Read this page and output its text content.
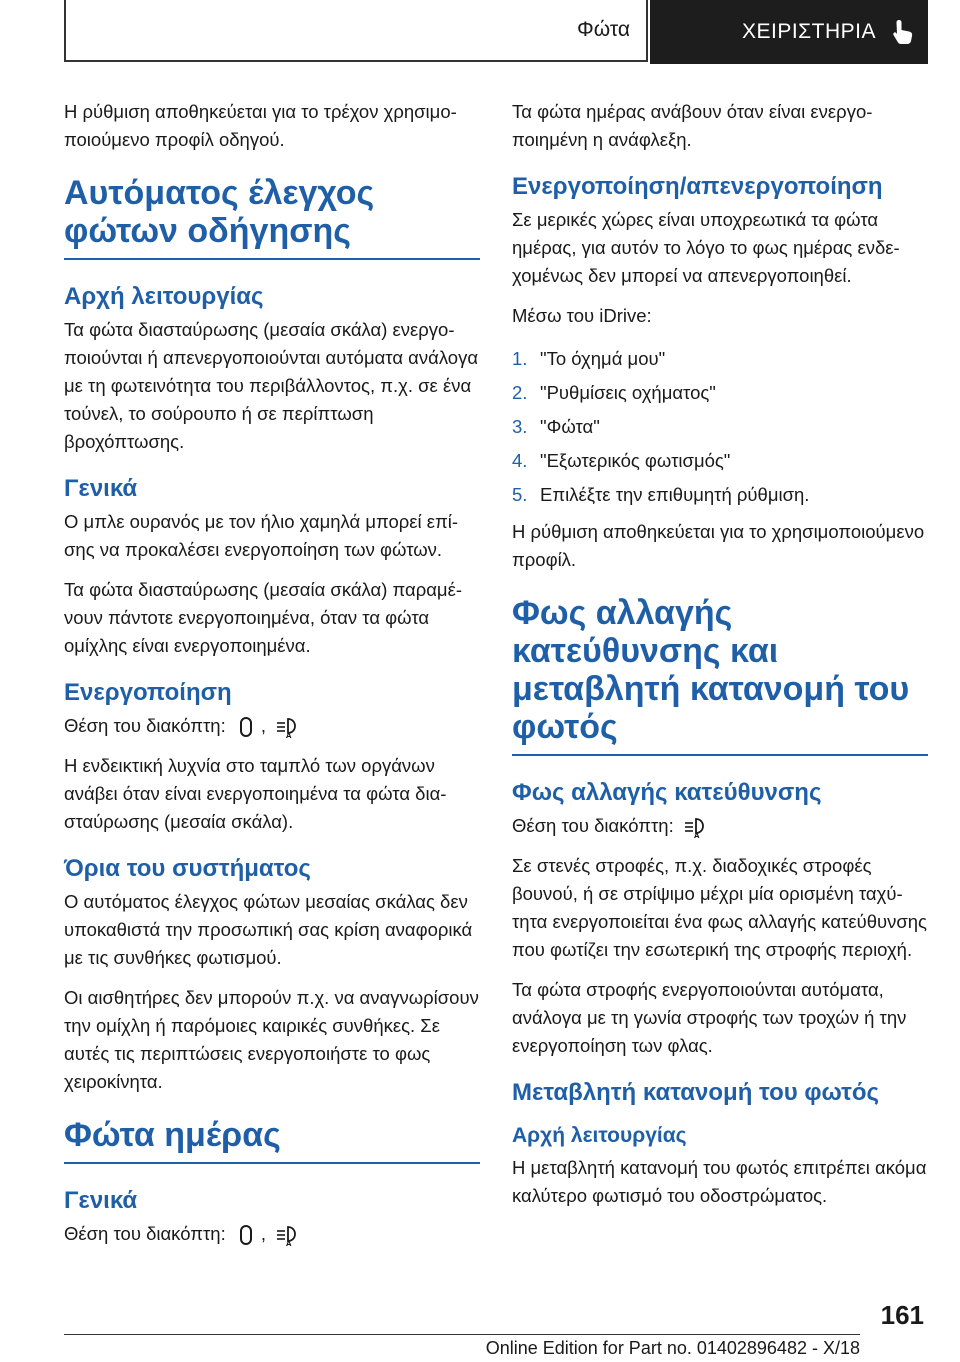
Φώτα	ΧΕΙΡΙΣΤΗΡΙΑ

Η ρύθμιση αποθηκεύεται για το τρέχον χρησιμοποιούμενο προφίλ οδηγού.

Αυτόματος έλεγχος φώτων οδήγησης
Αρχή λειτουργίας

Τα φώτα διασταύρωσης (μεσαία σκάλα) ενεργοποιούνται ή απενεργοποιούνται αυτόματα ανάλογα με τη φωτεινότητα του περιβάλλοντος, π.χ. σε ένα τούνελ, το σούρουπο ή σε περίπτωση βροχόπτωσης.

Γενικά

Ο μπλε ουρανός με τον ήλιο χαμηλά μπορεί επίσης να προκαλέσει ενεργοποίηση των φώτων.

Τα φώτα διασταύρωσης (μεσαία σκάλα) παραμένουν πάντοτε ενεργοποιημένα, όταν τα φώτα ομίχλης είναι ενεργοποιημένα.

Ενεργοποίηση

Θέση του διακόπτη: ,
A

Η ενδεικτική λυχνία στο ταμπλό των οργάνων ανάβει όταν είναι ενεργοποιημένα τα φώτα διασταύρωσης (μεσαία σκάλα).

Όρια του συστήματος

Ο αυτόματος έλεγχος φώτων μεσαίας σκάλας δεν υποκαθιστά την προσωπική σας κρίση αναφορικά με τις συνθήκες φωτισμού.

Οι αισθητήρες δεν μπορούν π.χ. να αναγνωρίσουν την ομίχλη ή παρόμοιες καιρικές συνθήκες. Σε αυτές τις περιπτώσεις ενεργοποιήστε το φως χειροκίνητα.

Φώτα ημέρας
Γενικά

Θέση του διακόπτη: ,
A

Τα φώτα ημέρας ανάβουν όταν είναι ενεργοποιημένη η ανάφλεξη.

Ενεργοποίηση/απενεργοποίηση

Σε μερικές χώρες είναι υποχρεωτικά τα φώτα ημέρας, για αυτόν το λόγο το φως ημέρας ενδεχομένως δεν μπορεί να απενεργοποιηθεί.

Μέσω του iDrive:

1. "Το όχημά μου"
2. "Ρυθμίσεις οχήματος"
3. "Φώτα"
4. "Εξωτερικός φωτισμός"
5. Επιλέξτε την επιθυμητή ρύθμιση.

Η ρύθμιση αποθηκεύεται για το χρησιμοποιούμενο προφίλ.

Φως αλλαγής κατεύθυνσης και μεταβλητή κατανομή του φωτός
Φως αλλαγής κατεύθυνσης

Θέση του διακόπτη:
A

Σε στενές στροφές, π.χ. διαδοχικές στροφές βουνού, ή σε στρίψιμο μέχρι μία ορισμένη ταχύτητα ενεργοποιείται ένα φως αλλαγής κατεύθυνσης που φωτίζει την εσωτερική της στροφής περιοχή.

Τα φώτα στροφής ενεργοποιούνται αυτόματα, ανάλογα με τη γωνία στροφής των τροχών ή την ενεργοποίηση των φλας.

Μεταβλητή κατανομή του φωτός
Αρχή λειτουργίας

Η μεταβλητή κατανομή του φωτός επιτρέπει ακόμα καλύτερο φωτισμό του οδοστρώματος.

161
Online Edition for Part no. 01402896482 - X/18
